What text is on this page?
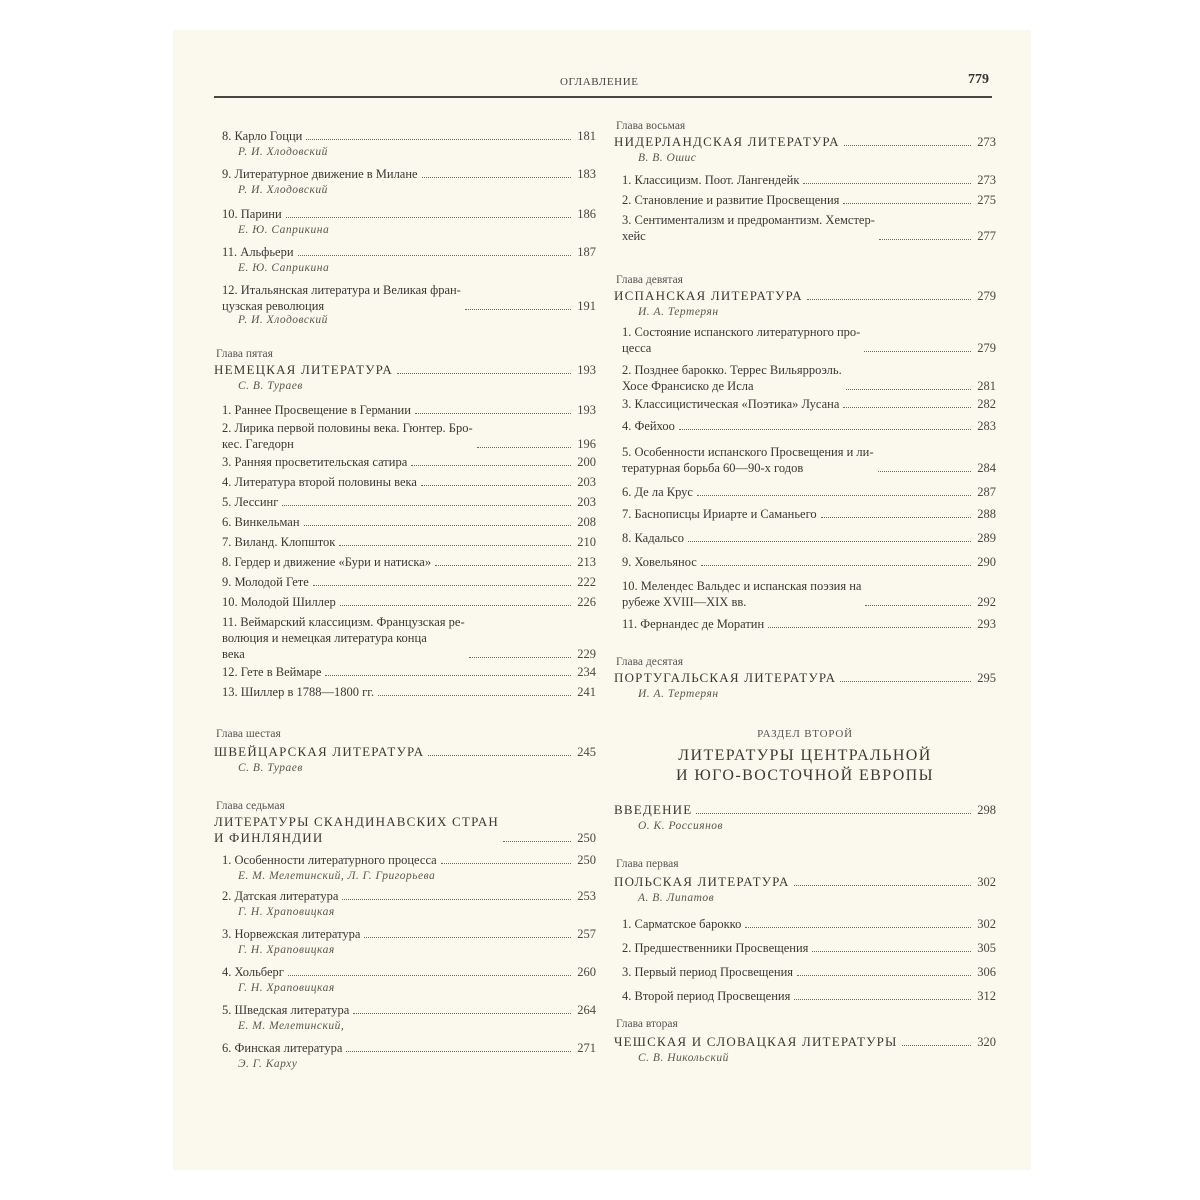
ОГЛАВЛЕНИЕ	779
8. Карло Гоцци	181
Р. И. Хлодовский
9. Литературное движение в Милане	183
Р. И. Хлодовский
10. Парини	186
Е. Ю. Саприкина
11. Альфьери	187
Е. Ю. Саприкина
12. Итальянская литература и Великая фран-
цузская революция	191
Р. И. Хлодовский
Глава пятая
НЕМЕЦКАЯ ЛИТЕРАТУРА	193
С. В. Тураев
1. Раннее Просвещение в Германии	193
2. Лирика первой половины века. Гюнтер. Бро-
кес. Гагедорн	196
3. Ранняя просветительская сатира	200
4. Литература второй половины века	203
5. Лессинг	203
6. Винкельман	208
7. Виланд. Клопшток	210
8. Гердер и движение «Бури и натиска»	213
9. Молодой Гете	222
10. Молодой Шиллер	226
11. Веймарский классицизм. Французская ре-
волюция и немецкая литература конца
века	229
12. Гете в Веймаре	234
13. Шиллер в 1788—1800 гг.	241
Глава шестая
ШВЕЙЦАРСКАЯ ЛИТЕРАТУРА	245
С. В. Тураев
Глава седьмая
ЛИТЕРАТУРЫ СКАНДИНАВСКИХ СТРАН
И ФИНЛЯНДИИ	250
1. Особенности литературного процесса	250
Е. М. Мелетинский, Л. Г. Григорьева
2. Датская литература	253
Г. Н. Храповицкая
3. Норвежская литература	257
Г. Н. Храповицкая
4. Хольберг	260
Г. Н. Храповицкая
5. Шведская литература	264
Е. М. Мелетинский,
6. Финская литература	271
Э. Г. Карху
Глава восьмая
НИДЕРЛАНДСКАЯ ЛИТЕРАТУРА	273
В. В. Ошис
1. Классицизм. Поот. Лангендейк	273
2. Становление и развитие Просвещения	275
3. Сентиментализм и предромантизм. Хемстер-
хейс	277
Глава девятая
ИСПАНСКАЯ ЛИТЕРАТУРА	279
И. А. Тертерян
1. Состояние испанского литературного про-
цесса	279
2. Позднее барокко. Террес Вильярроэль.
Хосе Франсиско де Исла	281
3. Классицистическая «Поэтика» Лусана	282
4. Фейхоо	283
5. Особенности испанского Просвещения и ли-
тературная борьба 60—90-х годов	284
6. Де ла Крус	287
7. Баснописцы Ириарте и Саманьего	288
8. Кадальсо	289
9. Ховельянос	290
10. Мелендес Вальдес и испанская поэзия на
рубеже XVIII—XIX вв.	292
11. Фернандес де Моратин	293
Глава десятая
ПОРТУГАЛЬСКАЯ ЛИТЕРАТУРА	295
И. А. Тертерян
РАЗДЕЛ ВТОРОЙ
ЛИТЕРАТУРЫ ЦЕНТРАЛЬНОЙ
И ЮГО-ВОСТОЧНОЙ ЕВРОПЫ
ВВЕДЕНИЕ	298
О. К. Россиянов
Глава первая
ПОЛЬСКАЯ ЛИТЕРАТУРА	302
А. В. Липатов
1. Сарматское барокко	302
2. Предшественники Просвещения	305
3. Первый период Просвещения	306
4. Второй период Просвещения	312
Глава вторая
ЧЕШСКАЯ И СЛОВАЦКАЯ ЛИТЕРАТУРЫ	320
С. В. Никольский
